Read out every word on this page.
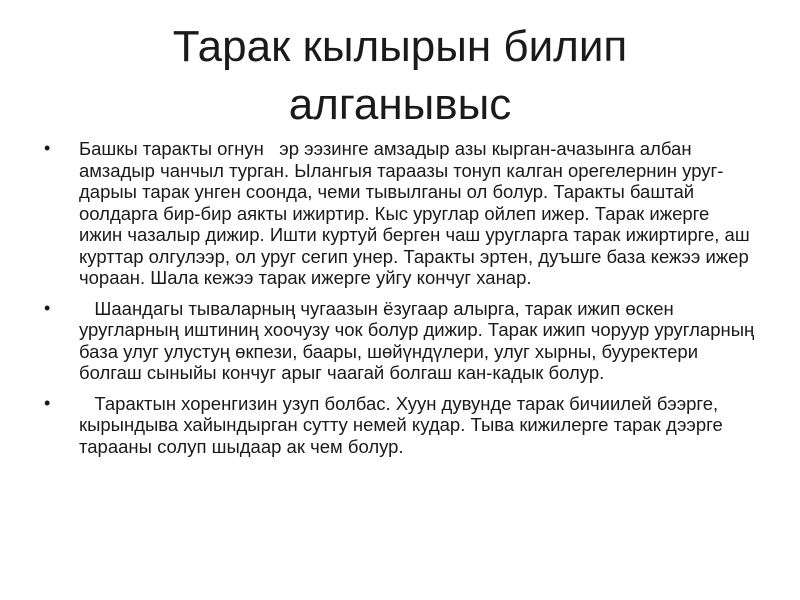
Тарак кылырын билип
алганывыс
• Башкы таракты огнун   эр ээзинге амзадыр азы кырган-ачазынга албан амзадыр чанчыл турган. Ылангыя тараазы тонуп калган орегелернин уруг-дарыы тарак унген соонда, чеми тывылганы ол болур. Таракты баштай оолдарга бир-бир аякты ижиртир. Кыс уруглар ойлеп ижер. Тарак ижерге ижин чазалыр дижир. Ишти куртуй берген чаш уругларга тарак ижиртирге, аш курттар олгулээр, ол уруг сегип унер. Таракты эртен, дуъшге база кежээ ижер чораан. Шала кежээ тарак ижерге уйгу кончуг ханар.
• Шаандагы тываларның чугаазын ёзугаар алырга, тарак ижип өскен уругларның иштиниң хоочузу чок болур дижир. Тарак ижип чоруур уругларның база улуг улустуң өкпези, баары, шөйүндүлери, улуг хырны, бууректери болгаш сыныйы кончуг арыг чаагай болгаш кан-кадык болур.
• Тарактын хоренгизин узуп болбас. Хуун дувунде тарак бичиилей бээрге, кырындыва хайындырган сутту немей кудар. Тыва кижилерге тарак дээрге тарааны солуп шыдаар ак чем болур.
